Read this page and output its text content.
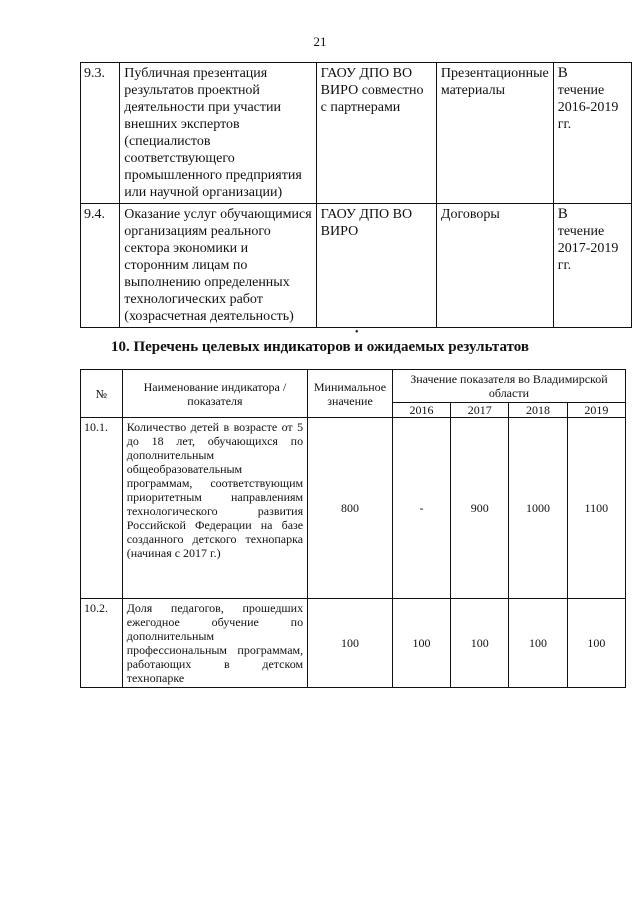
21
9.3.	Публичная презентация результатов проектной деятельности при участии внешних экспертов (специалистов соответствующего промышленного предприятия или научной организации)	ГАОУ ДПО ВО ВИРО совместно с партнерами	Презентационные материалы	В
течение 2016-2019 гг.
9.4.	Оказание услуг обучающимися организациям реального сектора экономики и сторонним лицам по выполнению определенных технологических работ (хозрасчетная деятельность)	ГАОУ ДПО ВО ВИРО	Договоры	В
течение 2017-2019 гг.
•
10. Перечень целевых индикаторов и ожидаемых результатов
№	Наименование индикатора / показателя	Минимальное значение	Значение показателя во Владимирской области			
			2016	2017	2018	2019
10.1.	Количество детей в возрасте от 5 до 18 лет, обучающихся по дополнительным общеобразовательным программам, соответствующим приоритетным направлениям технологического развития Российской Федерации на базе созданного детского технопарка (начиная с 2017 г.)	800	-	900	1000	1100
10.2.	Доля педагогов, прошедших ежегодное обучение по дополнительным профессиональным программам, работающих в детском технопарке	100	100	100	100	100
